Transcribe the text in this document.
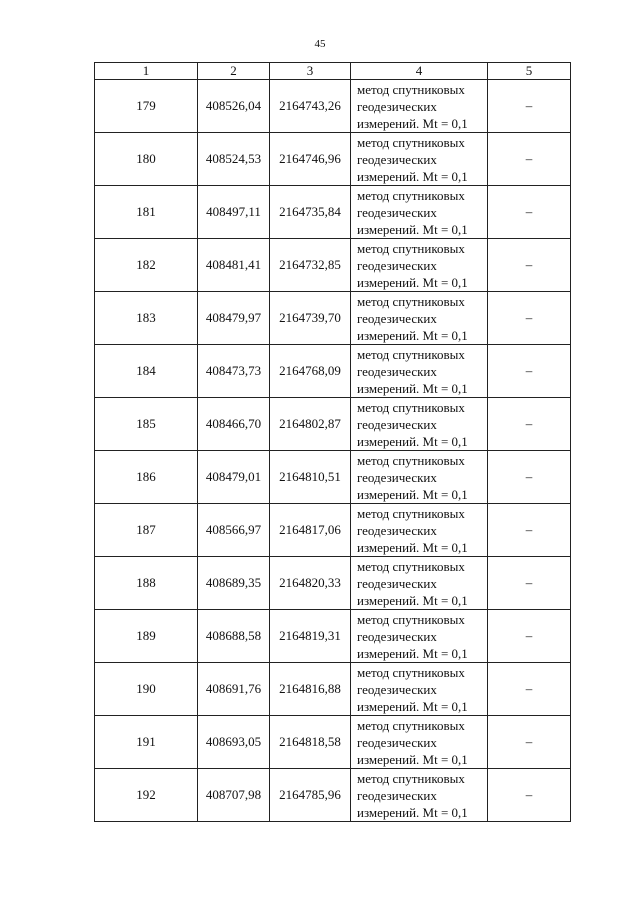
45
1	2	3	4	5
179	408526,04	2164743,26	метод спутниковых
геодезических
измерений. Mt = 0,1	–
180	408524,53	2164746,96	метод спутниковых
геодезических
измерений. Mt = 0,1	–
181	408497,11	2164735,84	метод спутниковых
геодезических
измерений. Mt = 0,1	–
182	408481,41	2164732,85	метод спутниковых
геодезических
измерений. Mt = 0,1	–
183	408479,97	2164739,70	метод спутниковых
геодезических
измерений. Mt = 0,1	–
184	408473,73	2164768,09	метод спутниковых
геодезических
измерений. Mt = 0,1	–
185	408466,70	2164802,87	метод спутниковых
геодезических
измерений. Mt = 0,1	–
186	408479,01	2164810,51	метод спутниковых
геодезических
измерений. Mt = 0,1	–
187	408566,97	2164817,06	метод спутниковых
геодезических
измерений. Mt = 0,1	–
188	408689,35	2164820,33	метод спутниковых
геодезических
измерений. Mt = 0,1	–
189	408688,58	2164819,31	метод спутниковых
геодезических
измерений. Mt = 0,1	–
190	408691,76	2164816,88	метод спутниковых
геодезических
измерений. Mt = 0,1	–
191	408693,05	2164818,58	метод спутниковых
геодезических
измерений. Mt = 0,1	–
192	408707,98	2164785,96	метод спутниковых
геодезических
измерений. Mt = 0,1	–
